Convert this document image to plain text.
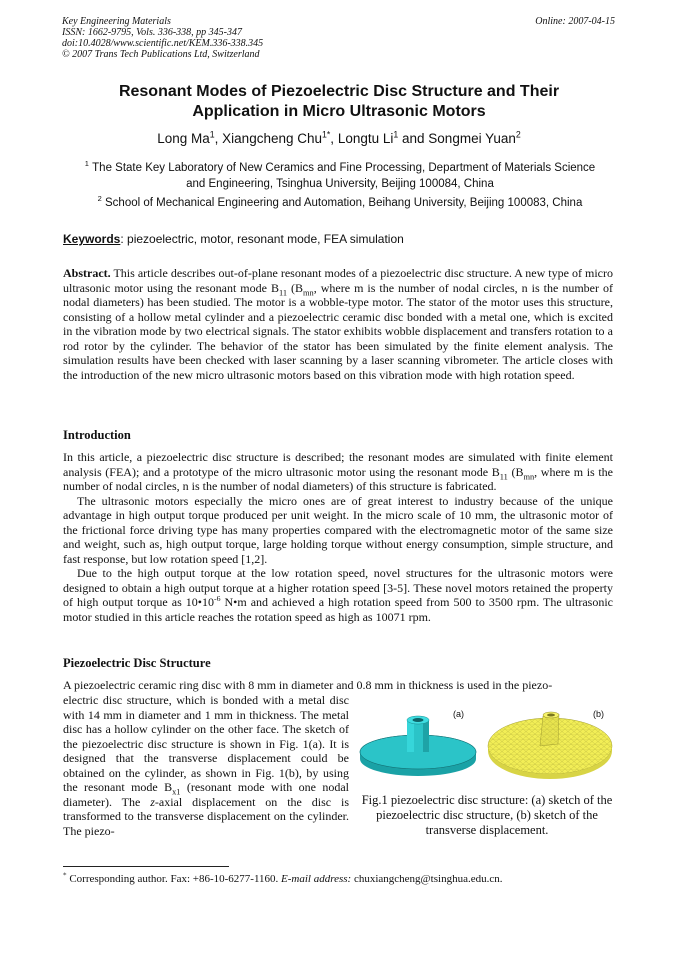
Key Engineering Materials
ISSN: 1662-9795, Vols. 336-338, pp 345-347
doi:10.4028/www.scientific.net/KEM.336-338.345
© 2007 Trans Tech Publications Ltd, Switzerland
Online: 2007-04-15
Resonant Modes of Piezoelectric Disc Structure and Their
Application in Micro Ultrasonic Motors
Long Ma$^1$, Xiangcheng Chu$^{1*}$, Longtu Li$^1$ and Songmei Yuan$^2$
$^1$ The State Key Laboratory of New Ceramics and Fine Processing, Department of Materials Science
and Engineering, Tsinghua University, Beijing 100084, China
$^2$ School of Mechanical Engineering and Automation, Beihang University, Beijing 100083, China
Keywords: piezoelectric, motor, resonant mode, FEA simulation
Abstract. This article describes out-of-plane resonant modes of a piezoelectric disc structure. A new type of micro ultrasonic motor using the resonant mode $B_{11}$ ($B_{mn}$, where m is the number of nodal circles, n is the number of nodal diameters) has been studied. The motor is a wobble-type motor. The stator of the motor uses this structure, consisting of a hollow metal cylinder and a piezoelectric ceramic disc bonded with a metal one, which is excited in the vibration mode by two electrical signals. The stator exhibits wobble displacement and transfers rotation to a rod rotor by the cylinder. The behavior of the stator has been simulated by the finite element analysis. The simulation results have been checked with laser scanning by a laser scanning vibrometer. The article closes with the introduction of the new micro ultrasonic motors based on this vibration mode with high rotation speed.
Introduction
In this article, a piezoelectric disc structure is described; the resonant modes are simulated with finite element analysis (FEA); and a prototype of the micro ultrasonic motor using the resonant mode $B_{11}$ ($B_{mn}$, where m is the number of nodal circles, n is the number of nodal diameters) of this structure is fabricated.
The ultrasonic motors especially the micro ones are of great interest to industry because of the unique advantage in high output torque produced per unit weight. In the micro scale of 10 mm, the ultrasonic motor of the frictional force driving type has many properties compared with the electromagnetic motor of the same size and weight, such as, high output torque, large holding torque without energy consumption, simple structure, and fast response, but low rotation speed [1,2].
Due to the high output torque at the low rotation speed, novel structures for the ultrasonic motors were designed to obtain a high output torque at a higher rotation speed [3-5]. These novel motors retained the property of high output torque as $10•10^{-6}$ N•m and achieved a high rotation speed from 500 to 3500 rpm. The ultrasonic motor studied in this article reaches the rotation speed as high as 10071 rpm.
Piezoelectric Disc Structure
A piezoelectric ceramic ring disc with 8 mm in diameter and 0.8 mm in thickness is used in the piezo-
electric disc structure, which is bonded with a metal disc with 14 mm in diameter and 1 mm in thickness. The metal disc has a hollow cylinder on the other face. The sketch of the piezoelectric disc structure is shown in Fig. 1(a). It is designed that the transverse displacement could be obtained on the cylinder, as shown in Fig. 1(b), by using the resonant mode $B_{x1}$ (resonant mode with one nodal diameter). The z-axial displacement on the disc is transformed to the transverse displacement on the cylinder. The piezo-
(a)	(b)
Fig.1 piezoelectric disc structure: (a) sketch of the piezoelectric disc structure, (b) sketch of the transverse displacement.
* Corresponding author. Fax: +86-10-6277-1160. E-mail address: chuxiangcheng@tsinghua.edu.cn.
